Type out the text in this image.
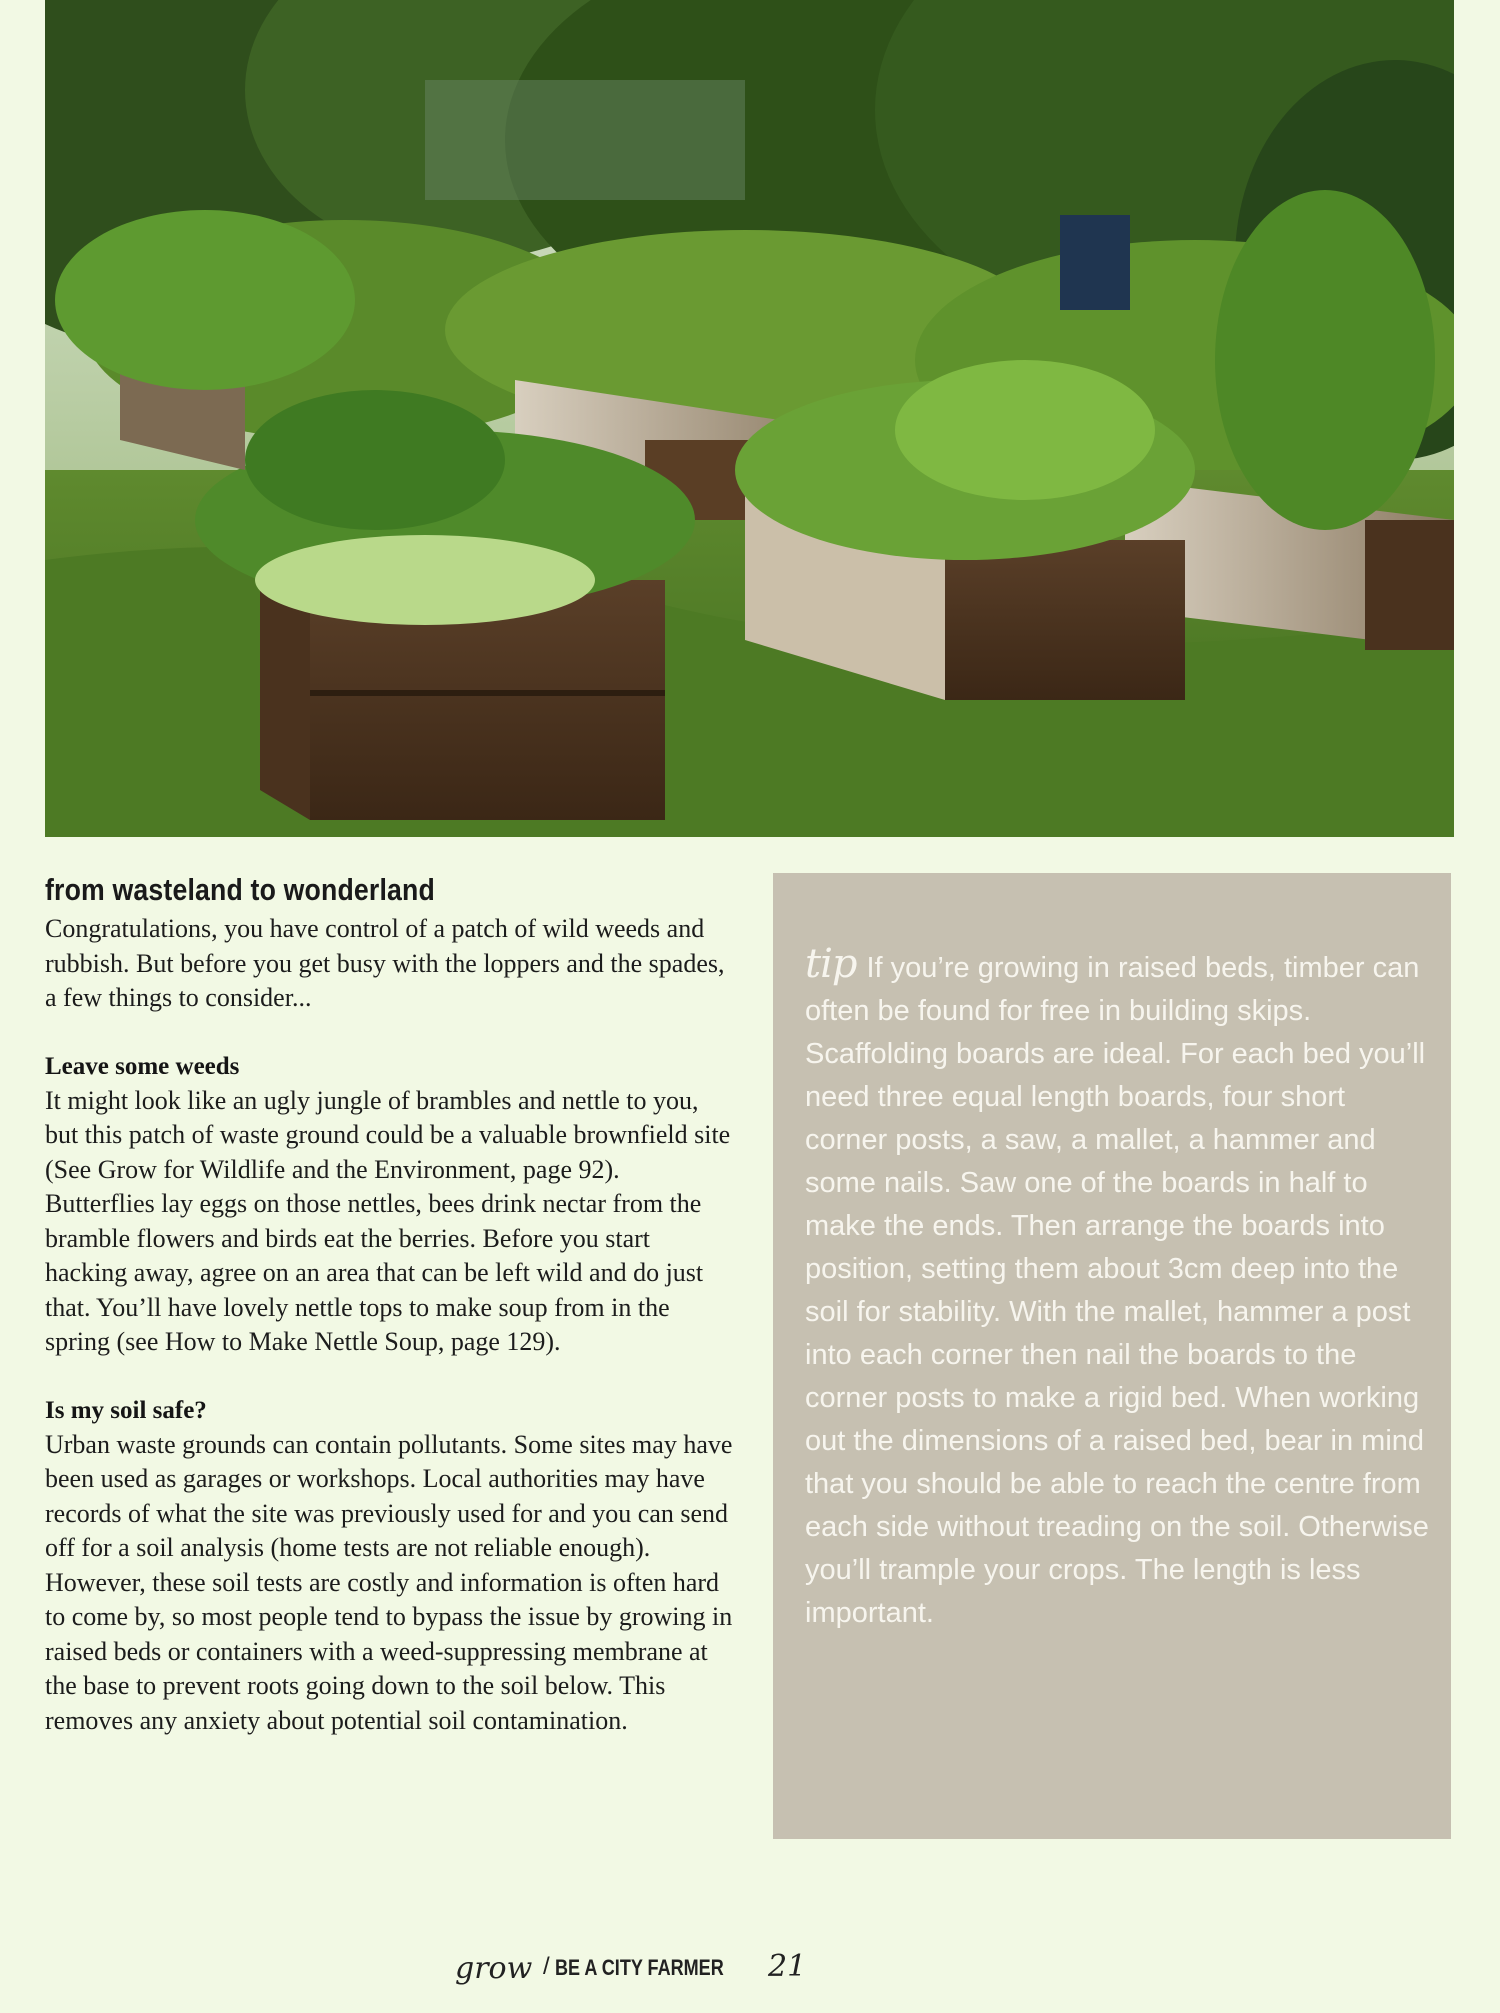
from wasteland to wonderland

Congratulations, you have control of a patch of wild weeds and rubbish. But before you get busy with the loppers and the spades, a few things to consider...

Leave some weeds

It might look like an ugly jungle of brambles and nettle to you, but this patch of waste ground could be a valuable brownfield site (See Grow for Wildlife and the Environment, page 92). Butterflies lay eggs on those nettles, bees drink nectar from the bramble flowers and birds eat the berries. Before you start hacking away, agree on an area that can be left wild and do just that. You’ll have lovely nettle tops to make soup from in the spring (see How to Make Nettle Soup, page 129).

Is my soil safe?

Urban waste grounds can contain pollutants. Some sites may have been used as garages or workshops. Local authorities may have records of what the site was previously used for and you can send off for a soil analysis (home tests are not reliable enough). However, these soil tests are costly and information is often hard to come by, so most people tend to bypass the issue by growing in raised beds or containers with a weed-suppressing membrane at the base to prevent roots going down to the soil below. This removes any anxiety about potential soil contamination.

tip If you’re growing in raised beds, timber can often be found for free in building skips. Scaffolding boards are ideal. For each bed you’ll need three equal length boards, four short corner posts, a saw, a mallet, a hammer and some nails. Saw one of the boards in half to make the ends. Then arrange the boards into position, setting them about 3cm deep into the soil for stability. With the mallet, hammer a post into each corner then nail the boards to the corner posts to make a rigid bed. When working out the dimensions of a raised bed, bear in mind that you should be able to reach the centre from each side without treading on the soil. Otherwise you’ll trample your crops. The length is less important.

grow / BE A CITY FARMER 21
